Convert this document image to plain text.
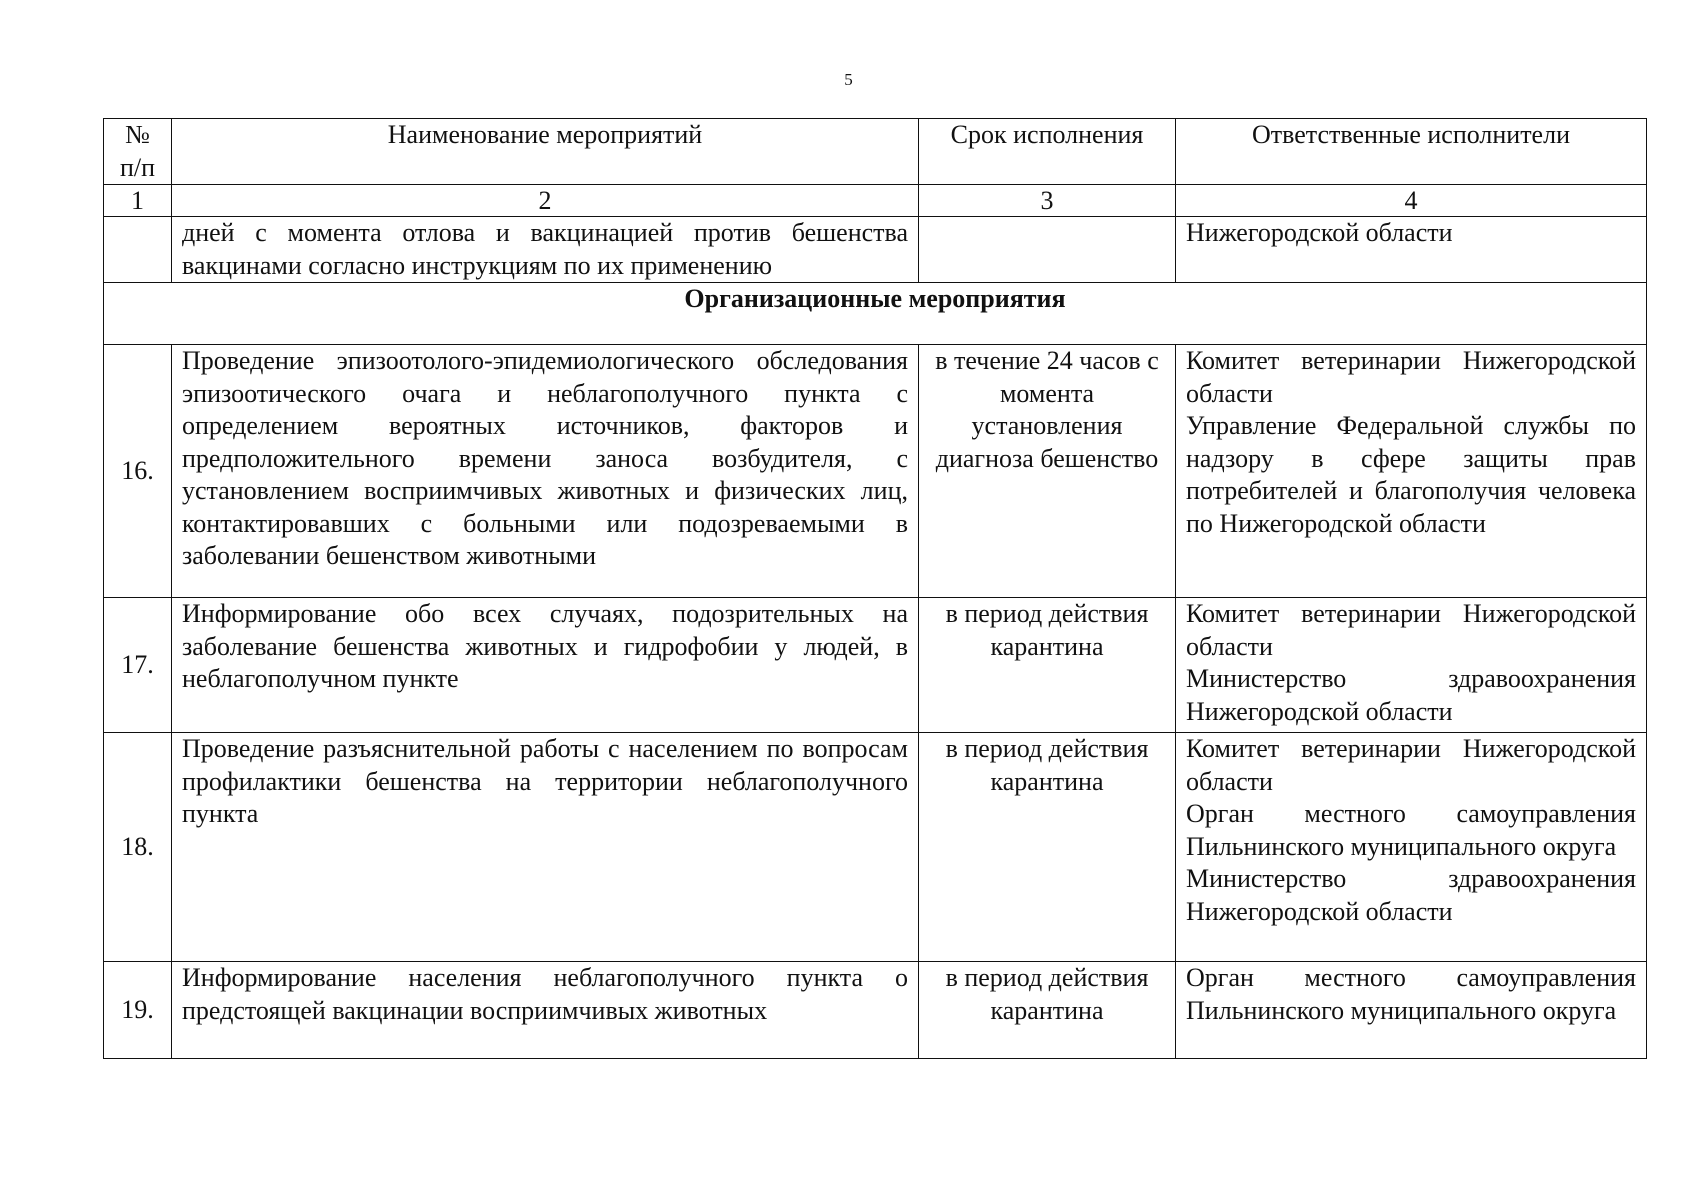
5
№ п/п	Наименование мероприятий	Срок исполнения	Ответственные исполнители
1	2	3	4
	дней с момента отлова и вакцинацией против бешенства вакцинами согласно инструкциям по их применению		Нижегородской области

Организационные мероприятия			
16.	Проведение эпизоотолого-эпидемиологического обследования эпизоотического очага и неблагополучного пункта с определением вероятных источников, факторов и предположительного времени заноса возбудителя, с установлением восприимчивых животных и физических лиц, контактировавших с больными или подозреваемыми в заболевании бешенством животными	в течение 24 часов с момента установления диагноза бешенство	Комитет ветеринарии Нижегородской области
Управление Федеральной службы по надзору в сфере защиты прав потребителей и благополучия человека по Нижегородской области

17.	Информирование обо всех случаях, подозрительных на заболевание бешенства животных и гидрофобии у людей, в неблагополучном пункте	в период действия карантина	Комитет ветеринарии Нижегородской области
Министерство здравоохранения Нижегородской области

18.	Проведение разъяснительной работы с населением по вопросам профилактики бешенства на территории неблагополучного пункта	в период действия карантина	Комитет ветеринарии Нижегородской области
Орган местного самоуправления Пильнинского муниципального округа
Министерство здравоохранения Нижегородской области

19.	Информирование населения неблагополучного пункта о предстоящей вакцинации восприимчивых животных	в период действия карантина	Орган местного самоуправления Пильнинского муниципального округа
